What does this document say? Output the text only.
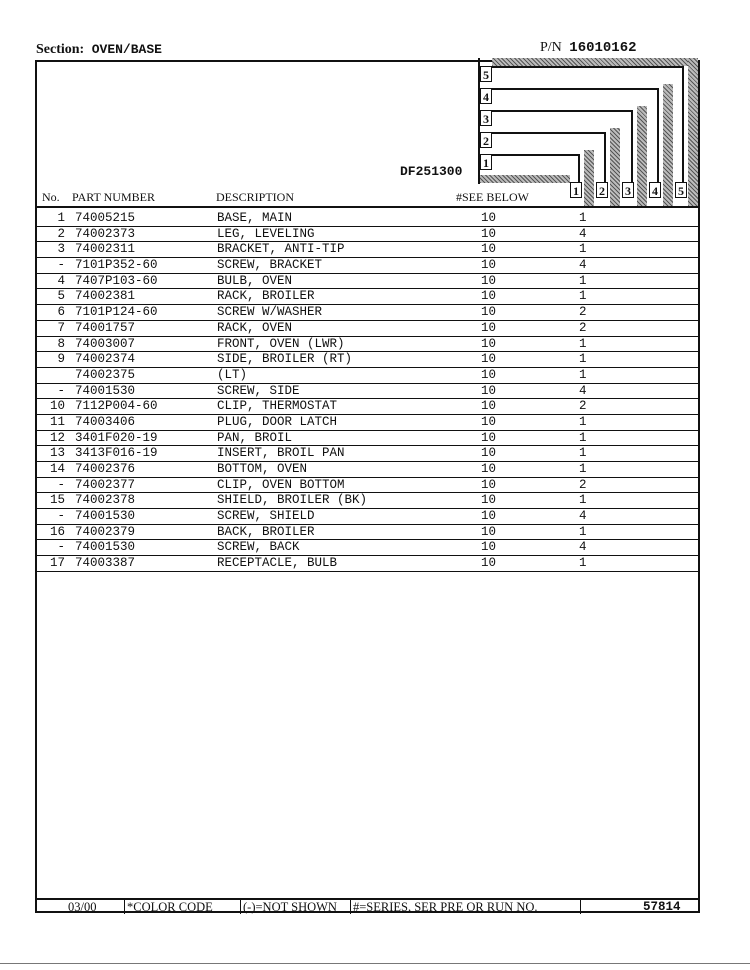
Section: OVEN/BASE	P/N 16010162
DF251300
5
4
3
2
1
1 2 3 4 5
No. PART NUMBER	DESCRIPTION	#SEE BELOW
1 74005215	BASE, MAIN	10	1
2 74002373	LEG, LEVELING	10	4
3 74002311	BRACKET, ANTI-TIP	10	1
- 7101P352-60	SCREW, BRACKET	10	4
4 7407P103-60	BULB, OVEN	10	1
5 74002381	RACK, BROILER	10	1
6 7101P124-60	SCREW W/WASHER	10	2
7 74001757	RACK, OVEN	10	2
8 74003007	FRONT, OVEN (LWR)	10	1
9 74002374	SIDE, BROILER (RT)	10	1
74002375	(LT)	10	1
- 74001530	SCREW, SIDE	10	4
10 7112P004-60	CLIP, THERMOSTAT	10	2
11 74003406	PLUG, DOOR LATCH	10	1
12 3401F020-19	PAN, BROIL	10	1
13 3413F016-19	INSERT, BROIL PAN	10	1
14 74002376	BOTTOM, OVEN	10	1
- 74002377	CLIP, OVEN BOTTOM	10	2
15 74002378	SHIELD, BROILER (BK)	10	1
- 74001530	SCREW, SHIELD	10	4
16 74002379	BACK, BROILER	10	1
- 74001530	SCREW, BACK	10	4
17 74003387	RECEPTACLE, BULB	10	1
03/00 *COLOR CODE (-)=NOT SHOWN #=SERIES, SER PRE OR RUN NO.	57814
